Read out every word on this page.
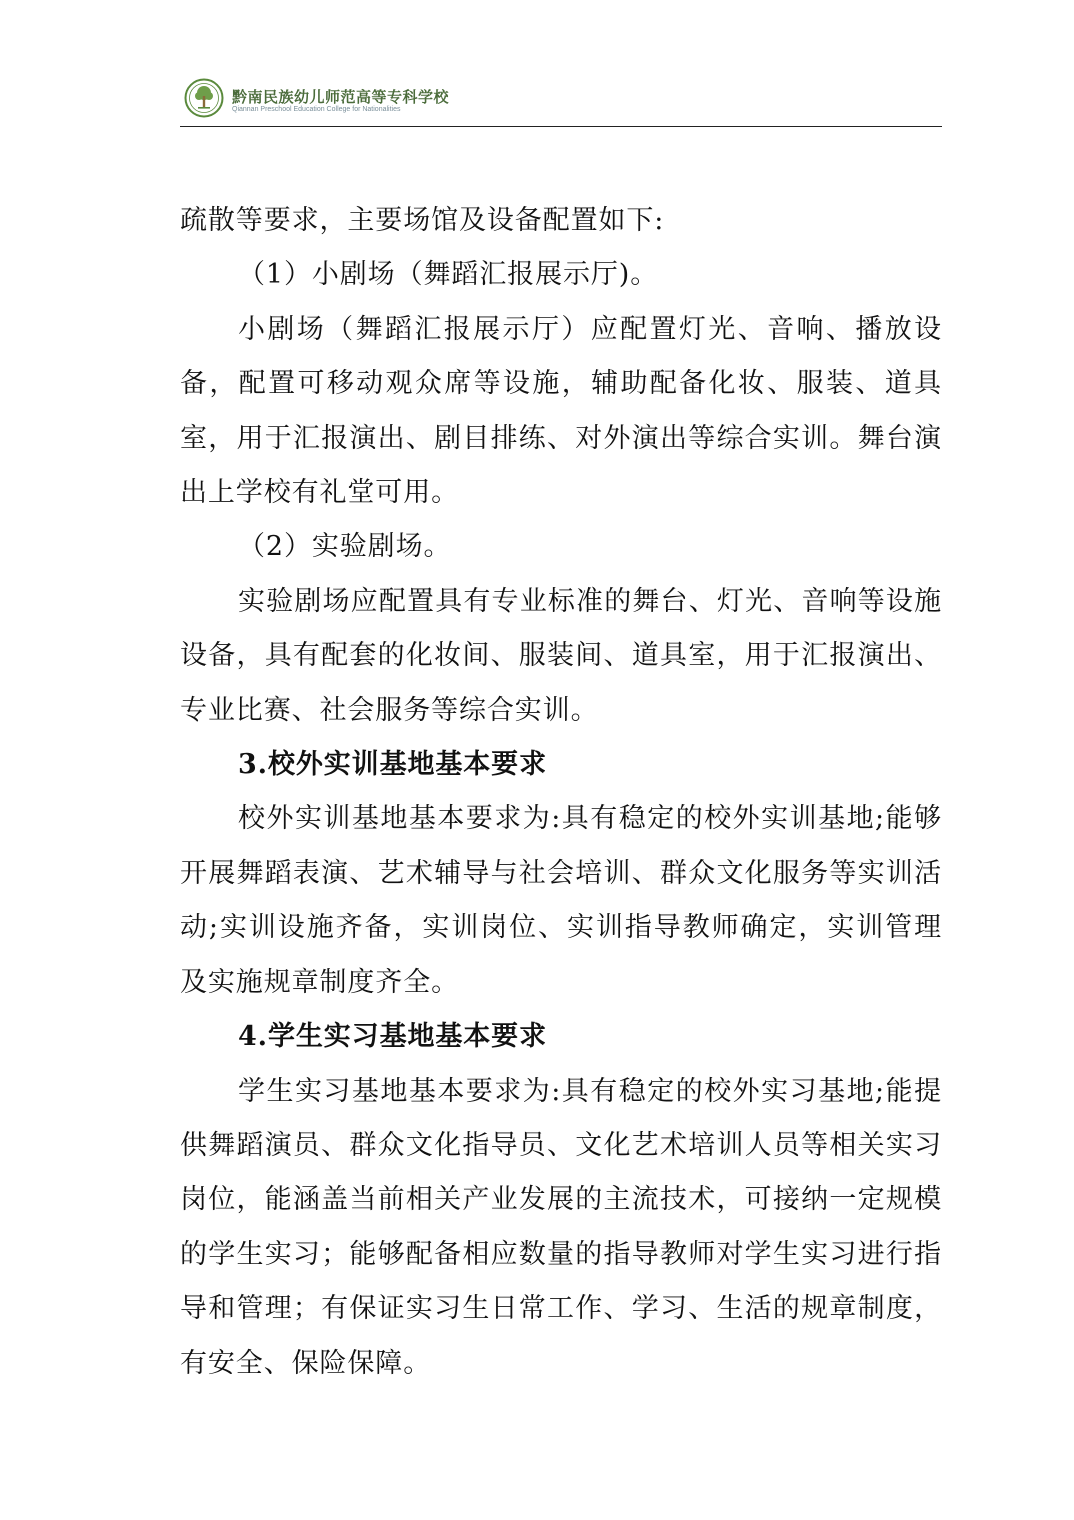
黔南民族幼儿师范高等专科学校
Qiannan Preschool Education College for Nationalities

疏散等要求，主要场馆及设备配置如下:

（1）小剧场（舞蹈汇报展示厅)。

小剧场（舞蹈汇报展示厅）应配置灯光、音响、播放设备，配置可移动观众席等设施，辅助配备化妆、服装、道具室，用于汇报演出、剧目排练、对外演出等综合实训。舞台演出上学校有礼堂可用。

（2）实验剧场。

实验剧场应配置具有专业标准的舞台、灯光、音响等设施设备，具有配套的化妆间、服装间、道具室，用于汇报演出、专业比赛、社会服务等综合实训。

3.校外实训基地基本要求

校外实训基地基本要求为:具有稳定的校外实训基地;能够开展舞蹈表演、艺术辅导与社会培训、群众文化服务等实训活动;实训设施齐备，实训岗位、实训指导教师确定，实训管理及实施规章制度齐全。

4.学生实习基地基本要求

学生实习基地基本要求为:具有稳定的校外实习基地;能提供舞蹈演员、群众文化指导员、文化艺术培训人员等相关实习岗位，能涵盖当前相关产业发展的主流技术，可接纳一定规模的学生实习；能够配备相应数量的指导教师对学生实习进行指导和管理；有保证实习生日常工作、学习、生活的规章制度，有安全、保险保障。
